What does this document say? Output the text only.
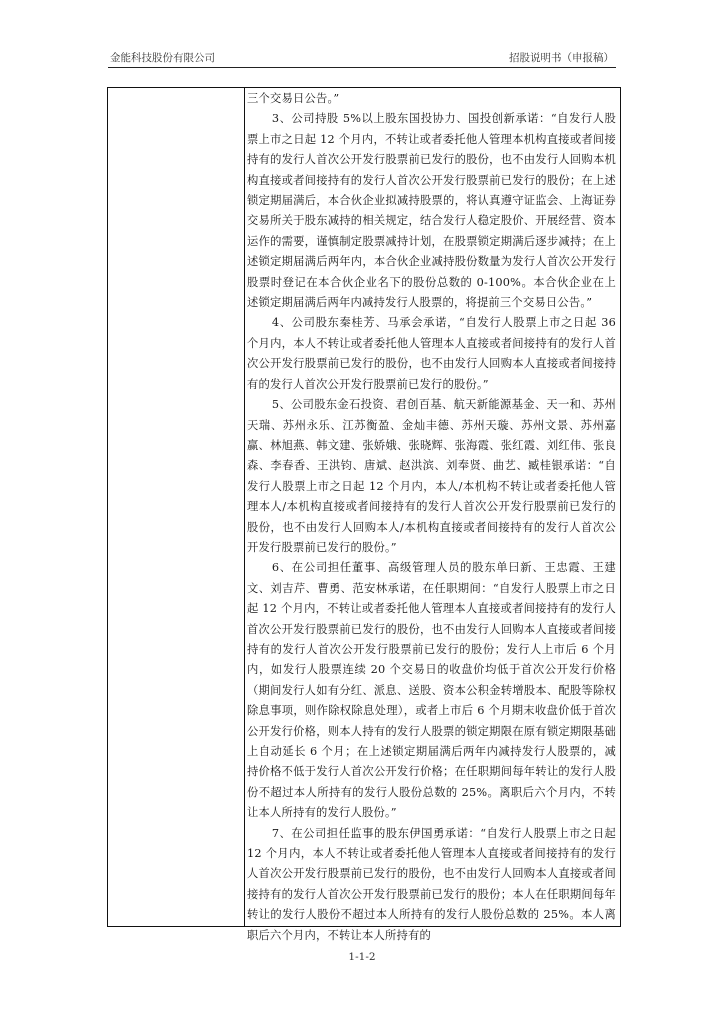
金能科技股份有限公司	招股说明书（申报稿）

三个交易日公告。”

3、公司持股 5%以上股东国投协力、国投创新承诺：“自发行人股票上市之日起 12 个月内，不转让或者委托他人管理本机构直接或者间接持有的发行人首次公开发行股票前已发行的股份，也不由发行人回购本机构直接或者间接持有的发行人首次公开发行股票前已发行的股份；在上述锁定期届满后，本合伙企业拟减持股票的，将认真遵守证监会、上海证券交易所关于股东减持的相关规定，结合发行人稳定股价、开展经营、资本运作的需要，谨慎制定股票减持计划，在股票锁定期满后逐步减持；在上述锁定期届满后两年内，本合伙企业减持股份数量为发行人首次公开发行股票时登记在本合伙企业名下的股份总数的 0-100%。本合伙企业在上述锁定期届满后两年内减持发行人股票的，将提前三个交易日公告。”

4、公司股东秦桂芳、马承会承诺，“自发行人股票上市之日起 36 个月内，本人不转让或者委托他人管理本人直接或者间接持有的发行人首次公开发行股票前已发行的股份，也不由发行人回购本人直接或者间接持有的发行人首次公开发行股票前已发行的股份。”

5、公司股东金石投资、君创百基、航天新能源基金、天一和、苏州天瑞、苏州永乐、江苏衡盈、金灿丰德、苏州天璇、苏州文景、苏州嘉赢、林旭燕、韩文建、张娇娥、张晓辉、张海霞、张红霞、刘红伟、张良森、李春香、王洪钧、唐斌、赵洪滨、刘奉贤、曲艺、臧桂银承诺：“自发行人股票上市之日起 12 个月内，本人/本机构不转让或者委托他人管理本人/本机构直接或者间接持有的发行人首次公开发行股票前已发行的股份，也不由发行人回购本人/本机构直接或者间接持有的发行人首次公开发行股票前已发行的股份。”

6、在公司担任董事、高级管理人员的股东单曰新、王忠霞、王建文、刘吉芹、曹勇、范安林承诺，在任职期间：“自发行人股票上市之日起 12 个月内，不转让或者委托他人管理本人直接或者间接持有的发行人首次公开发行股票前已发行的股份，也不由发行人回购本人直接或者间接持有的发行人首次公开发行股票前已发行的股份；发行人上市后 6 个月内，如发行人股票连续 20 个交易日的收盘价均低于首次公开发行价格（期间发行人如有分红、派息、送股、资本公积金转增股本、配股等除权除息事项，则作除权除息处理），或者上市后 6 个月期末收盘价低于首次公开发行价格，则本人持有的发行人股票的锁定期限在原有锁定期限基础上自动延长 6 个月；在上述锁定期届满后两年内减持发行人股票的，减持价格不低于发行人首次公开发行价格；在任职期间每年转让的发行人股份不超过本人所持有的发行人股份总数的 25%。离职后六个月内，不转让本人所持有的发行人股份。”

7、在公司担任监事的股东伊国勇承诺：“自发行人股票上市之日起 12 个月内，本人不转让或者委托他人管理本人直接或者间接持有的发行人首次公开发行股票前已发行的股份，也不由发行人回购本人直接或者间接持有的发行人首次公开发行股票前已发行的股份；本人在任职期间每年转让的发行人股份不超过本人所持有的发行人股份总数的 25%。本人离职后六个月内，不转让本人所持有的

1-1-2
